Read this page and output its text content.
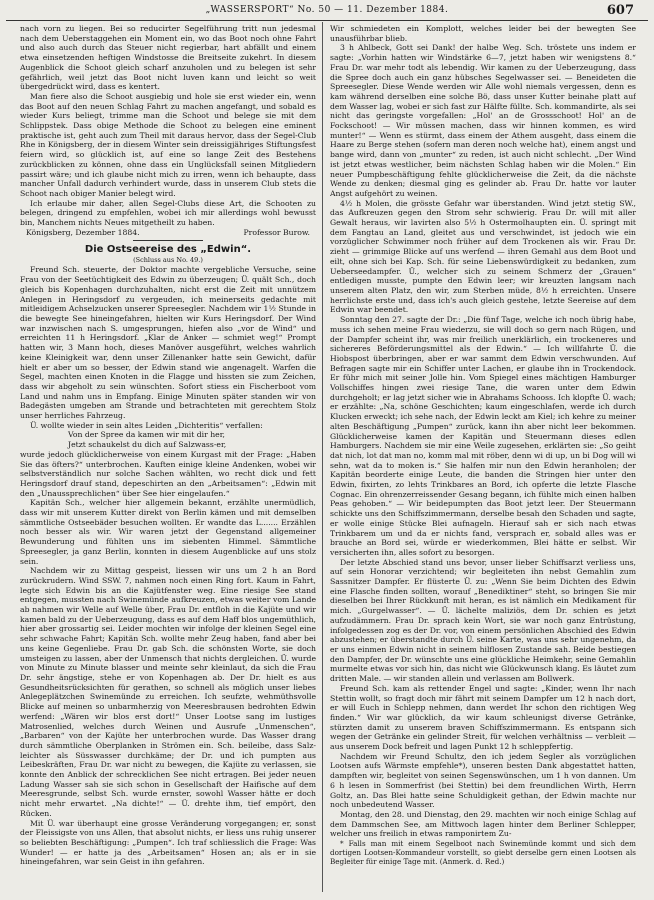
„WASSERSPORT“ No. 50 — 11. Dezember 1884.	607

nach vorn zu liegen. Bei so reducirter Segelführung tritt nun jedesmal nach dem Ueberstaggehen ein Moment ein, wo das Boot noch ohne Fahrt und also auch durch das Steuer nicht regierbar, hart abfällt und einem etwa einsetzenden heftigen Windstosse die Breitseite zukehrt. In diesem Augenblick die Schoot gleich scharf anzuholen und zu belegen ist sehr gefährlich, weil jetzt das Boot nicht luven kann und leicht so weit übergedrückt wird, dass es kentert.

Man fiere also die Schoot ausgiebig und hole sie erst wieder ein, wenn das Boot auf den neuen Schlag Fahrt zu machen angefangt, und sobald es wieder Kurs beliegt, trimme man die Schoot und belege sie mit dem Schlippstek. Dass obige Methode die Schoot zu belegen eine eminent praktische ist, geht auch zum Theil mit daraus hervor, dass der Segel-Club Rhe in Königsberg, der in diesem Winter sein dreissigjähriges Stiftungsfest feiern wird, so glücklich ist, auf eine so lange Zeit des Bestehens zurückblicken zu können, ohne dass ein Unglücksfall seinen Mitgliedern passirt wäre; und ich glaube nicht mich zu irren, wenn ich behaupte, dass mancher Unfall dadurch verhindert wurde, dass in unserem Club stets die Schoot nach obiger Manier belegt wird.

Ich erlaube mir daher, allen Segel-Clubs diese Art, die Schooten zu belegen, dringend zu empfehlen, wobei ich mir allerdings wohl bewusst bin, Manchem nichts Neues mitgetheilt zu haben.

Königsberg, Dezember 1884.	Professor Burow.
Die Ostseereise des „Edwin“.
(Schluss aus No. 49.)

Freund Sch. steuerte, der Doktor machte vergebliche Versuche, seine Frau von der Seetüchtigkeit des Edwin zu überzeugen; Ü. quält Sch., doch gleich bis Kopenhagen durchzuhalten, nicht erst die Zeit mit unnützem Anlegen in Heringsdorf zu vergeuden, ich meinerseits gedachte mit mitleidigem Achselzucken unserer Spreesegler. Nachdem wir 1½ Stunde in die bewegte See hineingefahren, hielten wir Kurs Heringsdorf. Der Wind war inzwischen nach S. umgesprungen, hiefen also „vor de Wind“ und erreichten 11 h Heringsdorf. „Klar de Anker — schmiet weg!“ Prompt hatten wir, 3 Mann hoch, dieses Manöver ausgeführt, welches wahrlich keine Kleinigkeit war, denn unser Zillenanker hatte sein Gewicht, dafür hielt er aber um so besser, der Edwin stand wie angenagelt. Warfen die Segel, machten einen Knoten in die Flagge und hissten sie zum Zeichen, dass wir abgeholt zu sein wünschten. Sofort stiess ein Fischerboot vom Land und nahm uns in Empfang. Einige Minuten später standen wir von Badegästen umgeben am Strande und betrachteten mit gerechtem Stolz unser herrliches Fahrzeug.

Ü. wollte wieder in sein altes Leiden „Dichteritis“ verfallen:

Von der Spree da kamen wir mit dir her,

Jetzt schaukelst du dich auf Salzwass-er,

wurde jedoch glücklicherweise von einem Kurgast mit der Frage: „Haben Sie das öfters?“ unterbrochen. Kauften einige kleine Andenken, wobei wir selbstverständlich nur solche Sachen wählten, wo recht dick und fett Heringsdorf drauf stand, depeschirten an den „Arbeitsamen“: „Edwin mit den „Unaussprechlichen“ über See hier eingelaufen.“

Kapitän Sch., welcher hier allgemein bekannt, erzählte unermüdlich, dass wir mit unserem Kutter direkt von Berlin kämen und mit demselben sämmtliche Ostseebäder besuchen wollten. Er wandte das L....... Erzählen noch besser als wir. Wir waren jetzt der Gegenstand allgemeiner Bewunderung und fühlten uns im siebenten Himmel. Sämmtliche Spreesegler, ja ganz Berlin, konnten in diesem Augenblicke auf uns stolz sein.

Nachdem wir zu Mittag gespeist, liessen wir uns um 2 h an Bord zurückrudern. Wind SSW. 7, nahmen noch einen Ring fort. Kaum in Fahrt, legte sich Edwin bis an die Kajütfenster weg. Eine riesige See stand entgegen, mussten nach Swinemünde aufkreuzen, etwas weiter vom Lande ab nahmen wir Welle auf Welle über, Frau Dr. entfloh in die Kajüte und wir kamen bald zu der Ueberzeugung, dass es auf dem Haff blos ungemüthlich, hier aber grossartig sei. Leider mochten wir infolge der kleinen Segel eine sehr schwache Fahrt; Kapitän Sch. wollte mehr Zeug haben, fand aber bei uns keine Gegenliebe. Frau Dr. gab Sch. die schönsten Worte, sie doch umsteigen zu lassen, aber der Unmensch that nichts dergleichen. Ü. wurde von Minute zu Minute blasser und meinte sehr kleinlaut, da sich die Frau Dr. sehr ängstige, stehe er von Kopenhagen ab. Der Dr. hielt es aus Gesundheitsrücksichten für gerathen, so schnell als möglich unser liebes Anlegeplätzchen Swinemünde zu erreichen. Ich seufzte, wehmüthsvolle Blicke auf meinen so unbarmherzig von Meeresbrausen bedrohten Edwin werfend: „Wären wir blos erst dort!“ Unser Lootse sang im lustiges Matrosenlied, welches durch Weinen und Ausrufe „Unmenschen“, „Barbaren“ von der Kajüte her unterbrochen wurde. Das Wasser drang durch sämmtliche Oberplanken in Strömen ein. Sch. beileibe, dass Salz- leichter als Süsswasser durchkäme; der Dr. und ich pumpten aus Leibeskräften, Frau Dr. war nicht zu bewegen, die Kajüte zu verlassen, sie konnte den Anblick der schrecklichen See nicht ertragen. Bei jeder neuen Ladung Wasser sah sie sich schon in Gesellschaft der Haifische auf dem Meeresgrunde, selbst Sch. wurde ernster, sowohl Wasser hätte er doch nicht mehr erwartet. „Na dichte!“ — Ü. drehte ihm, tief empört, den Rücken.

Mit Ü. war überhaupt eine grosse Veränderung vorgegangen; er, sonst der Fleissigste von uns Allen, that absolut nichts, er liess uns ruhig unserer so beliebten Beschäftigung: „Pumpen“. Ich traf schliesslich die Frage: Was Wunder! — er hatte ja des „Arbeitsamen“ Hosen an; als er in sie hineingefahren, war sein Geist in ihn gefahren.

Wir schmiedeten ein Komplott, welches leider bei der bewegten See unausführbar blieb.

3 h Ahlbeck, Gott sei Dank! der halbe Weg. Sch. tröstete uns indem er sagte: „Vorhin hatten wir Windstärke 6—7, jetzt haben wir wenigstens 8.“ Frau Dr. war mehr todt als lebendig. Wir kamen zu der Ueberzeugung, dass die Spree doch auch ein ganz hübsches Segelwasser sei. — Beneideten die Spreesegler. Diese Wende werden wir Alle wohl niemals vergessen, denn es kam während derselben eine solche Bö, dass unser Kutter beinahe platt auf dem Wasser lag, wobei er sich fast zur Hälfte füllte. Sch. kommandirte, als sei nicht das geringste vorgefallen: „Hol' an de Grossschoot! Hol' an de Fockschoot! — Wir müssen machen, dass wir hinnen kommen, es wird munter!“ — Wenn es stürmt, dass einem der Athem ausgeht, dass einem die Haare zu Berge stehen (sofern man deren noch welche hat), einem angst und bange wird, dann von „munter“ zu reden, ist auch nicht schlecht. „Der Wind ist jetzt etwas westlicher, beim nächsten Schlag haben wir die Molen.“ Ein neuer Pumpbeschäftigung fehlte glücklicherweise die Zeit, da die nächste Wende zu denken; diesmal ging es gelinder ab. Frau Dr. hatte vor lauter Angst aufgehört zu weinen.

4½ h Molen, die grösste Gefahr war überstanden. Wind jetzt stetig SW., das Aufkreuzen gegen den Strom sehr schwierig. Frau Dr. will mit aller Gewalt heraus, wir lavirten also 5½ h Ostermolhaupten ein. Ü. springt mit dem Fangtau an Land, gleitet aus und verschwindet, ist jedoch wie ein vorzüglicher Schwimmer noch früher auf dem Trockenen als wir. Frau Dr. zieht — grimmige Blicke auf uns werfend — ihren Gemahl aus dem Boot und eilt, ohne sich bei Kap. Sch. für seine Liebenswürdigkeit zu bedanken, zum Ueberseedampfer. Ü., welcher sich zu seinem Schmerz der „Grauen“ entledigen musste, pumpte den Edwin leer; wir kreuzten langsam nach unserem alten Platz, den wir, zum Sterben müde, 8½ h erreichten. Unsere herrlichste erste und, dass ich's auch gleich gestehe, letzte Seereise auf dem Edwin war beendet.

Sonntag den 27. sagte der Dr.: „Die fünf Tage, welche ich noch übrig habe, muss ich sehen meine Frau wiederzu, sie will doch so gern nach Rügen, und der Dampfer scheint ihr, was mir freilich unerklärlich, ein trockeneres und sichereres Beförderungsmittel als der Edwin.“ — Ich willfahrte Ü. die Hiobspost überbringen, aber er war sammt dem Edwin verschwunden. Auf Befragen sagte mir ein Schiffer unter Lachen, er glaube ihn in Trockendock. Er führ mich mit seiner Jolle hin. Vom Spiegel eines mächtigen Hamburger Vollschiffes hingen zwei riesige Tane, die waren unter dem Edwin durchgeholt; er lag jetzt sicher wie in Abrahams Schooss. Ich klopfte Ü. wach; er erzählte: „Na, schöne Geschichten; kaum eingeschlafen, werde ich durch Klucken erweckt; ich sehe nach, der Edwin leckt am Kiel; ich kehre zu meiner alten Beschäftigung „Pumpen“ zurück, kann ihn aber nicht leer bekommen. Glücklicherweise kamen der Kapitän und Steuermann dieses edlen Hamburgers. Nachdem sie mir eine Weile zugesehen, erklärten sie: „So geiht dat nich, lot dat man no, komm mal mit röber, denn wi di up, un bi Dog will wi sehn, wat da to moken is.“ Sie halfen mir nun den Edwin heranholen; der Kapitän beorderte einige Leute, die banden die Stringen hier unter den Edwin, fixirten, zo lehts Trinkbares an Bord, ich opferte die letzte Flasche Cognac. Ein ohrenzerreissender Gesang begann, ich fühlte mich einen halben Peas gehoben.“ — Wir beidepumpten das Boot jetzt leer. Der Steuermann schickte uns den Schiffszimmermann, derselbe besah den Schaden und sagte, er wolle einige Stücke Blei aufnageln. Hierauf sah er sich nach etwas Trinkbarem um und da er nichts fand, versprach er, sobald alles was er brauche an Bord sei, würde er wiederkommen, Blei hätte er selbst. Wir versicherten ihn, alles sofort zu besorgen.

Der letzte Abschied stand uns bevor, unser lieber Schiffsarzt verliess uns, auf sein Honorar verzichtend; wir begleiteten ihn nebst Gemahlin zum Sassnitzer Dampfer. Er flüsterte Ü. zu: „Wenn Sie beim Dichten des Edwin eine Flasche finden sollten, worauf „Benediktiner“ steht, so bringen Sie mir dieselben bei Ihrer Rückkunft mit heran, es ist nämlich ein Medikament für mich. „Gurgelwasser“. — Ü. lächelte maliziös, dem Dr. schien es jetzt aufzudämmern. Frau Dr. sprach kein Wort, sie war noch ganz Entrüstung, infolgedessen zog es der Dr. vor, von einem persönlichen Abschied des Edwin abzustehen; er überstandte durch Ü. seine Karte, was uns sehr ungenehm, da er uns einmen Edwin nicht in seinem hilflosen Zustande sah. Beide bestiegen den Dampfer, der Dr. wünschte uns eine glückliche Heimkehr, seine Gemahlin murmelte etwas vor sich hin, das nicht wie Glückwunsch klang. Es läutet zum dritten Male. — wir standen allein und verlassen am Bollwerk.

Freund Sch. kam als rettender Engel und sagte: „Kinder, wenn Ihr nach Stettin wollt, so fragt doch mir fährt mit seinem Dampfer um 12 h nach dort, er will Euch in Schlepp nehmen, dann werdet Ihr schon den richtigen Weg finden.“ Wir war glücklich, da wir kaum schleunigst diverse Getränke, stürzten damit zu unserem braven Schiffszimmermann. Es entspann sich wegen der Getränke ein gelinder Streit, für welchen verhältniss — verbleit — aus unserem Dock befreit und lagen Punkt 12 h schleppfertig.

Nachdem wir Freund Schultz, den ich jedem Segler als vorzüglichen Lootsen aufs Wärmste empfehle*), unseren besten Dank abgestattet hatten, dampften wir, begleitet von seinen Segenswünschen, um 1 h von dannen. Um 6 h lesen in Sommerfrist (bei Stettin) bei dem freundlichen Wirth, Herrn Goltz, an. Das Blei hatte seine Schuldigkeit gethan, der Edwin machte nur noch unbedeutend Wasser.

Montag, den 28. und Dienstag, den 29. machten wir noch einige Schlag auf dem Dammschen See, am Mittwoch lagen hinter dem Berliner Schlepper, welcher uns freilich in etwas ramponirtem Zu-

* Falls man mit einem Segelboot nach Swinemünde kommt und sich dem dortigen Lootsen-Kommandeur vorstellt, so giebt derselbe gern einen Lootsen als Begleiter für einige Tage mit. (Anmerk. d. Red.)
